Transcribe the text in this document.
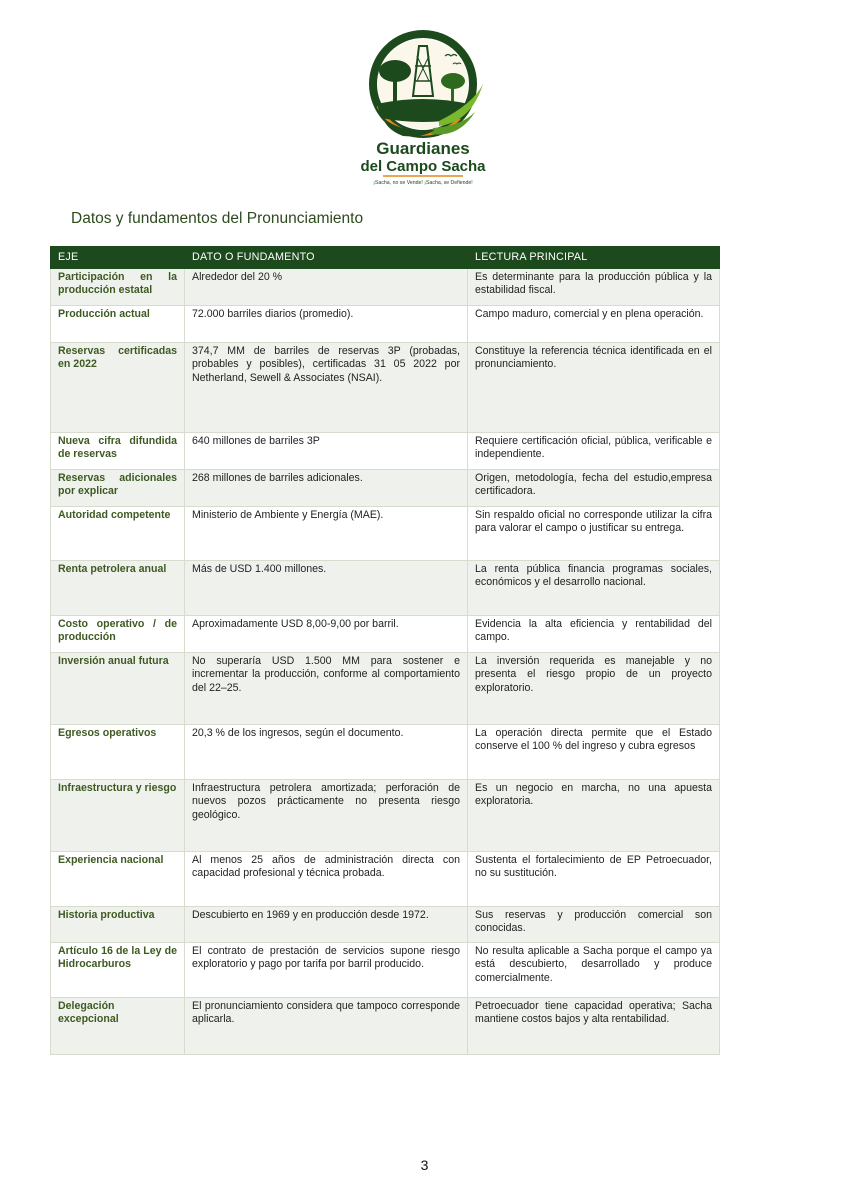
Guardianes
del Campo Sacha
¡Sacha, no se Vende! ¡Sacha, se Defiende!
Datos y fundamentos del Pronunciamiento
EJE	DATO O FUNDAMENTO	LECTURA PRINCIPAL
Participación en la producción estatal	Alrededor del 20 %	Es determinante para la producción pública y la estabilidad fiscal.
Producción actual	72.000 barriles diarios (promedio).	Campo maduro, comercial y en plena operación.
Reservas certificadas en 2022	374,7 MM de barriles de reservas 3P (probadas, probables y posibles), certificadas 31 05 2022 por Netherland, Sewell & Associates (NSAI).	Constituye la referencia técnica identificada en el pronunciamiento.
Nueva cifra difundida de reservas	640 millones de barriles 3P	Requiere certificación oficial, pública, verificable e independiente.
Reservas adicionales por explicar	268 millones de barriles adicionales.	Origen, metodología, fecha del estudio,empresa certificadora.
Autoridad competente	Ministerio de Ambiente y Energía (MAE).	Sin respaldo oficial no corresponde utilizar la cifra para valorar el campo o justificar su entrega.
Renta petrolera anual	Más de USD 1.400 millones.	La renta pública financia programas sociales, económicos y el desarrollo nacional.
Costo operativo / de producción	Aproximadamente USD 8,00-9,00 por barril.	Evidencia la alta eficiencia y rentabilidad del campo.
Inversión anual futura	No superaría USD 1.500 MM para sostener e incrementar la producción, conforme al comportamiento del 22–25.	La inversión requerida es manejable y no presenta el riesgo propio de un proyecto exploratorio.
Egresos operativos	20,3 % de los ingresos, según el documento.	La operación directa permite que el Estado conserve el 100 % del ingreso y cubra egresos
Infraestructura y riesgo	Infraestructura petrolera amortizada; perforación de nuevos pozos prácticamente no presenta riesgo geológico.	Es un negocio en marcha, no una apuesta exploratoria.
Experiencia nacional	Al menos 25 años de administración directa con capacidad profesional y técnica probada.	Sustenta el fortalecimiento de EP Petroecuador, no su sustitución.
Historia productiva	Descubierto en 1969 y en producción desde 1972.	Sus reservas y producción comercial son conocidas.
Artículo 16 de la Ley de Hidrocarburos	El contrato de prestación de servicios supone riesgo exploratorio y pago por tarifa por barril producido.	No resulta aplicable a Sacha porque el campo ya está descubierto, desarrollado y produce comercialmente.
Delegación excepcional	El pronunciamiento considera que tampoco corresponde aplicarla.	Petroecuador tiene capacidad operativa; Sacha mantiene costos bajos y alta rentabilidad.
3
